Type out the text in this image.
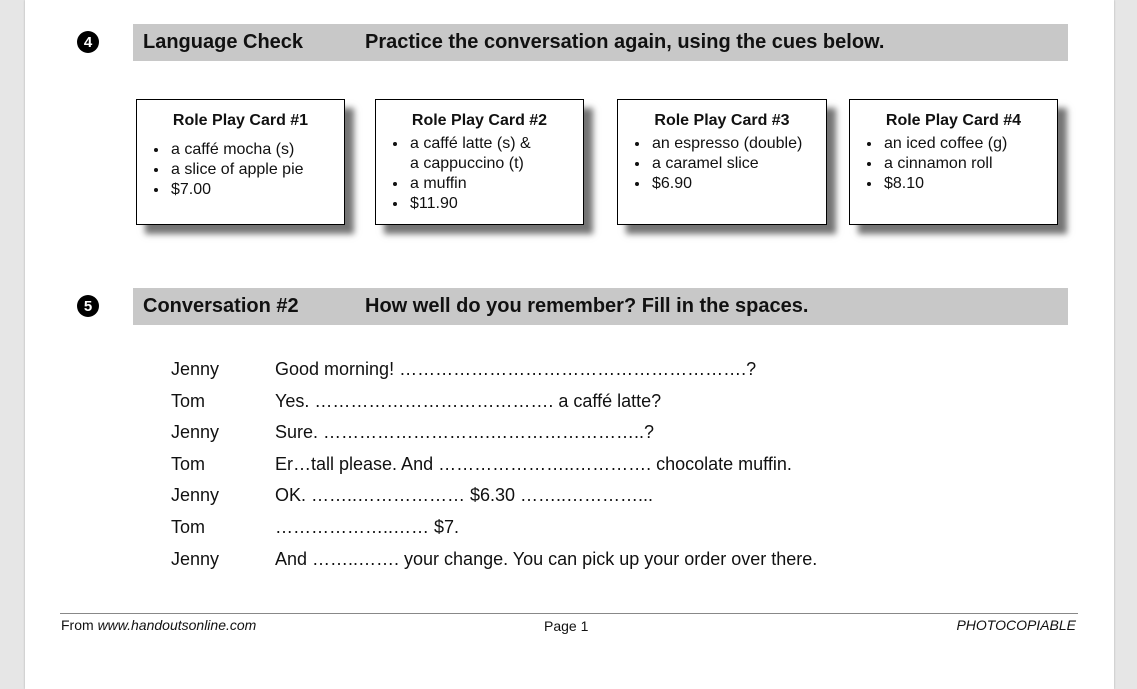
4	Language Check	Practice the conversation again, using the cues below.
Role Play Card #1
• a caffé mocha (s)
• a slice of apple pie
• $7.00
Role Play Card #2
• a caffé latte (s) &
a cappuccino (t)
• a muffin
• $11.90
Role Play Card #3
• an espresso (double)
• a caramel slice
• $6.90
Role Play Card #4
• an iced coffee (g)
• a cinnamon roll
• $8.10
5	Conversation #2	How well do you remember? Fill in the spaces.
Jenny	Good morning! ………………………………………………….?
Tom	Yes. …………………………………. a caffé latte?
Jenny	Sure. ……………………….……………………..?
Tom	Er…tall please. And …………………..…………. chocolate muffin.
Jenny	OK. ……..……………… $6.30 ……..…………...
Tom	………………..…… $7.
Jenny	And ……..……. your change. You can pick up your order over there.
From www.handoutsonline.com	Page 1	PHOTOCOPIABLE
